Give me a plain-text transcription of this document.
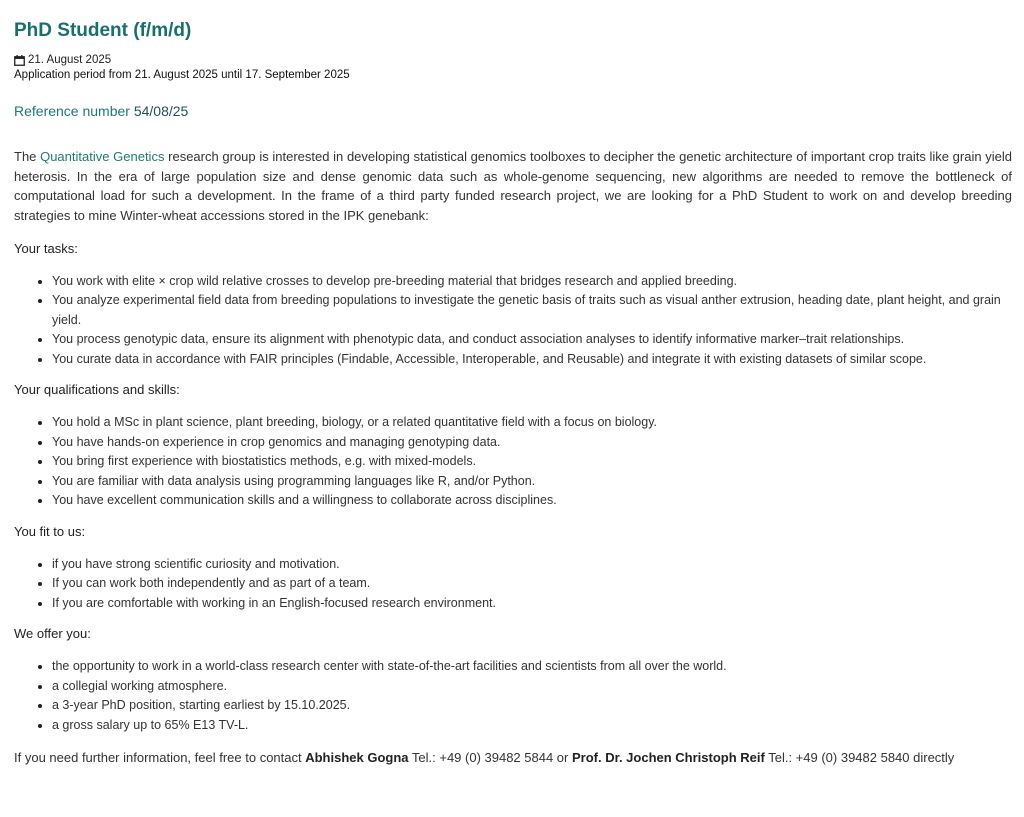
PhD Student (f/m/d)
21. August 2025
Application period from 21. August 2025 until 17. September 2025
Reference number 54/08/25
The Quantitative Genetics research group is interested in developing statistical genomics toolboxes to decipher the genetic architecture of important crop traits like grain yield heterosis. In the era of large population size and dense genomic data such as whole-genome sequencing, new algorithms are needed to remove the bottleneck of computational load for such a development. In the frame of a third party funded research project, we are looking for a PhD Student to work on and develop breeding strategies to mine Winter-wheat accessions stored in the IPK genebank:
Your tasks:
• You work with elite × crop wild relative crosses to develop pre-breeding material that bridges research and applied breeding.
• You analyze experimental field data from breeding populations to investigate the genetic basis of traits such as visual anther extrusion, heading date, plant height, and grain yield.
• You process genotypic data, ensure its alignment with phenotypic data, and conduct association analyses to identify informative marker–trait relationships.
• You curate data in accordance with FAIR principles (Findable, Accessible, Interoperable, and Reusable) and integrate it with existing datasets of similar scope.
Your qualifications and skills:
• You hold a MSc in plant science, plant breeding, biology, or a related quantitative field with a focus on biology.
• You have hands-on experience in crop genomics and managing genotyping data.
• You bring first experience with biostatistics methods, e.g. with mixed-models.
• You are familiar with data analysis using programming languages like R, and/or Python.
• You have excellent communication skills and a willingness to collaborate across disciplines.
You fit to us:
• if you have strong scientific curiosity and motivation.
• If you can work both independently and as part of a team.
• If you are comfortable with working in an English-focused research environment.
We offer you:
• the opportunity to work in a world-class research center with state-of-the-art facilities and scientists from all over the world.
• a collegial working atmosphere.
• a 3-year PhD position, starting earliest by 15.10.2025.
• a gross salary up to 65% E13 TV-L.
If you need further information, feel free to contact Abhishek Gogna Tel.: +49 (0) 39482 5844 or Prof. Dr. Jochen Christoph Reif Tel.: +49 (0) 39482 5840 directly
